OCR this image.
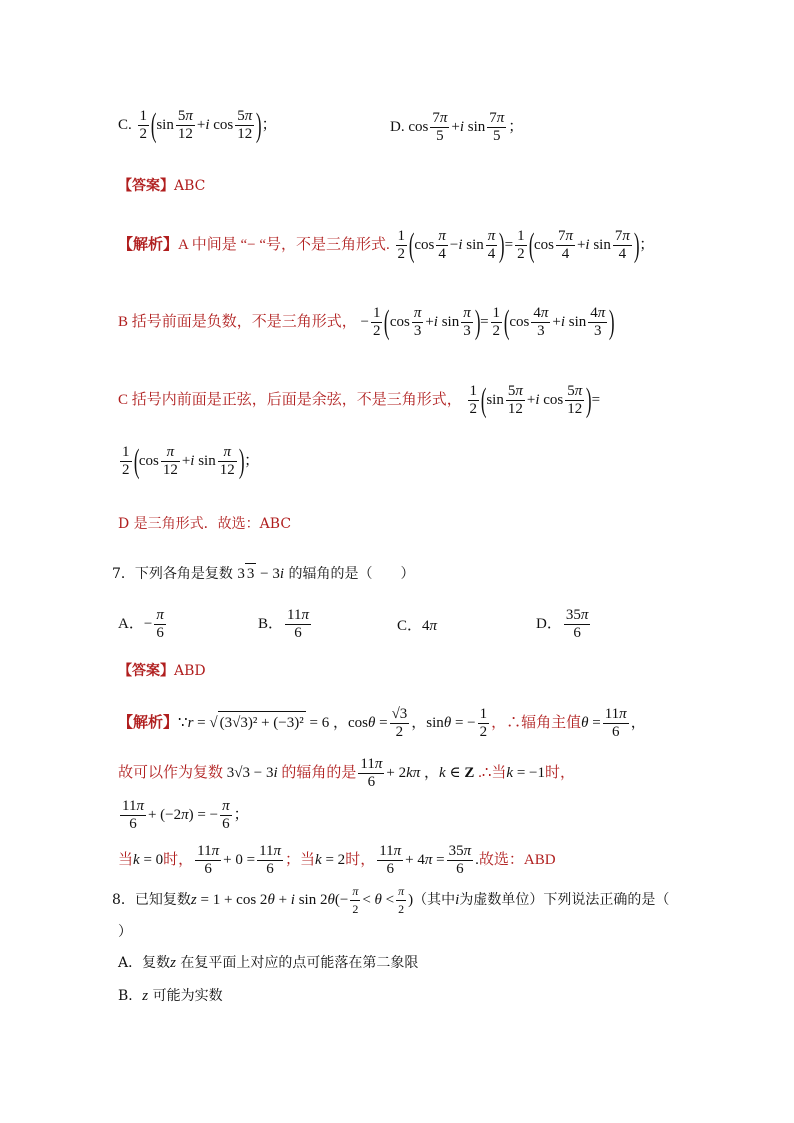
C. $\frac{1}{2} (\sin \frac{5\pi}{12} +i$ $\cos \frac{5\pi}{12}$ )；	D. $\cos \frac{7\pi}{5} +i$ $\sin \frac{7\pi}{5}$ ；
【答案】ABC
【解析】A 中间是 “− “号，不是三角形式. $\frac{1}{2} (\cos \frac{\pi}{4} -i$ $\sin \frac{\pi}{4}$ )= $\frac{1}{2} (\cos \frac{7\pi}{4} +i$ $\sin \frac{7\pi}{4}$ )；
B 括号前面是负数，不是三角形式， − $\frac{1}{2} (\cos \frac{\pi}{3} +i$ $\sin \frac{\pi}{3}$ )= $\frac{1}{2} (\cos \frac{4\pi}{3} +i$ $\sin \frac{4\pi}{3}$ )
C 括号内前面是正弦，后面是余弦，不是三角形式， $\frac{1}{2} (\sin \frac{5\pi}{12} +i$ $\cos \frac{5\pi}{12}$ )=
$\frac{1}{2} (\cos \frac{\pi}{12} +i$ $\sin \frac{\pi}{12}$ )；
D 是三角形式．故选：ABC
7．下列各角是复数 3 3 − 3i 的辐角的是（　　）
A．− $\frac{\pi}{6}$	B． $\frac{11\pi}{6}$	C．4π	D． $\frac{35\pi}{6}$
【答案】ABD
【解析】∵r = √ (3√3)² + (−3)² = 6 ，$\cos\theta = \frac{√3}{2}$ ，sinθ = − $\frac{1}{2}$ ，∴辐角主值$\theta = \frac{11\pi}{6}$ ，
故可以作为复数 3√3 − 3i 的辐角的是 $\frac{11\pi}{6} + 2k\pi$ ，k ∈ Z .∴当k = −1时，
$\frac{11\pi}{6} + (-2\pi)$ = − $\frac{\pi}{6}$ ；
当k = 0时， $\frac{11\pi}{6} + 0 = \frac{11\pi}{6}$ ；当k = 2时， $\frac{11\pi}{6} + 4\pi = \frac{35\pi}{6}$ .故选：ABD
8．已知复数z = 1 + cos 2θ + i $\sin 2\theta(- \frac{\pi}{2} < \theta < \frac{\pi}{2}$ )（其中i为虚数单位）下列说法正确的是（
）
A．复数z 在复平面上对应的点可能落在第二象限
B．z 可能为实数
